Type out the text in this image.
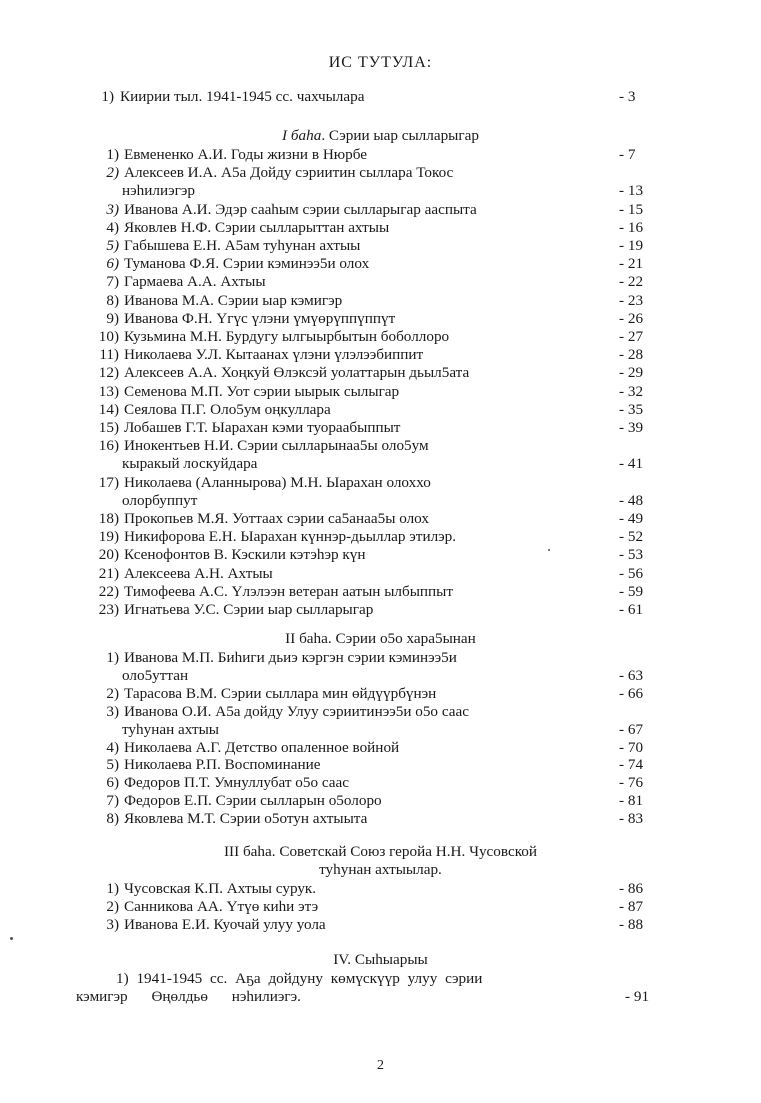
ИС ТУТУЛА:
1) Киирии тыл. 1941-1945 сс. чахчылара	- 3
I баһа. Сэрии ыар сылларыгар
1) Евмененко А.И. Годы жизни в Нюрбе	- 7
2) Алексеев И.А. А5а Дойду сэриитин сыллара Токос
нэһилиэгэр	- 13
3) Иванова А.И. Эдэр сааһым сэрии сылларыгар ааспыта	- 15
4) Яковлев Н.Ф. Сэрии сылларыттан ахтыы	- 16
5) Габышева Е.Н. А5ам туһунан ахтыы	- 19
6) Туманова Ф.Я. Сэрии кэминээ5и олох	- 21
7) Гармаева А.А. Ахтыы	- 22
8) Иванова М.А. Сэрии ыар кэмигэр	- 23
9) Иванова Ф.Н. Үгүс үлэни үмүөрүппүппүт	- 26
10) Кузьмина М.Н. Бурдугу ылгыырбытын боболлоро	- 27
11) Николаева У.Л. Кытаанах үлэни үлэлээбиппит	- 28
12) Алексеев А.А. Хоңкуй Өлэксэй уолаттарын дьыл5ата	- 29
13) Семенова М.П. Уот сэрии ыырык сылыгар	- 32
14) Сеялова П.Г. Оло5ум оңкуллара	- 35
15) Лобашев Г.Т. Ыарахан кэми туораабыппыт	- 39
16) Инокентьев Н.И. Сэрии сылларынаа5ы оло5ум
кыракый лоскуйдара	- 41
17) Николаева (Аланнырова) М.Н. Ыарахан олоххо
олорбуппут	- 48
18) Прокопьев М.Я. Уоттаах сэрии са5анаа5ы олох	- 49
19) Никифорова Е.Н. Ыарахан күннэр-дьыллар этилэр.	- 52
20) Ксенофонтов В. Кэскили кэтэһэр күн	- 53
21) Алексеева А.Н. Ахтыы	- 56
22) Тимофеева А.С. Үлэлээн ветеран аатын ылбыппыт	- 59
23) Игнатьева У.С. Сэрии ыар сылларыгар	- 61
II баһа. Сэрии о5о хара5ынан
1) Иванова М.П. Биһиги дьиэ кэргэн сэрии кэминээ5и
оло5уттан	- 63
2) Тарасова В.М. Сэрии сыллара мин өйдүүрбүнэн	- 66
3) Иванова О.И. А5а дойду Улуу сэриитинээ5и о5о саас
туһунан ахтыы	- 67
4) Николаева А.Г. Детство опаленное войной	- 70
5) Николаева Р.П. Воспоминание	- 74
6) Федоров П.Т. Умнуллубат о5о саас	- 76
7) Федоров Е.П. Сэрии сылларын о5олоро	- 81
8) Яковлева М.Т. Сэрии о5отун ахтыыта	- 83
III баһа. Советскай Союз геройа Н.Н. Чусовской
туһунан ахтыылар.
1) Чусовская К.П. Ахтыы сурук.	- 86
2) Санникова АА. Үтүө киһи этэ	- 87
3) Иванова Е.И. Куочай улуу уола	- 88
IV. Сыһыарыы
1) 1941-1945 сс. Аҕа дойдуну көмүскүүр улуу сэрии
кэмигэр Өңөлдьө нэһилиэгэ.	- 91
2
